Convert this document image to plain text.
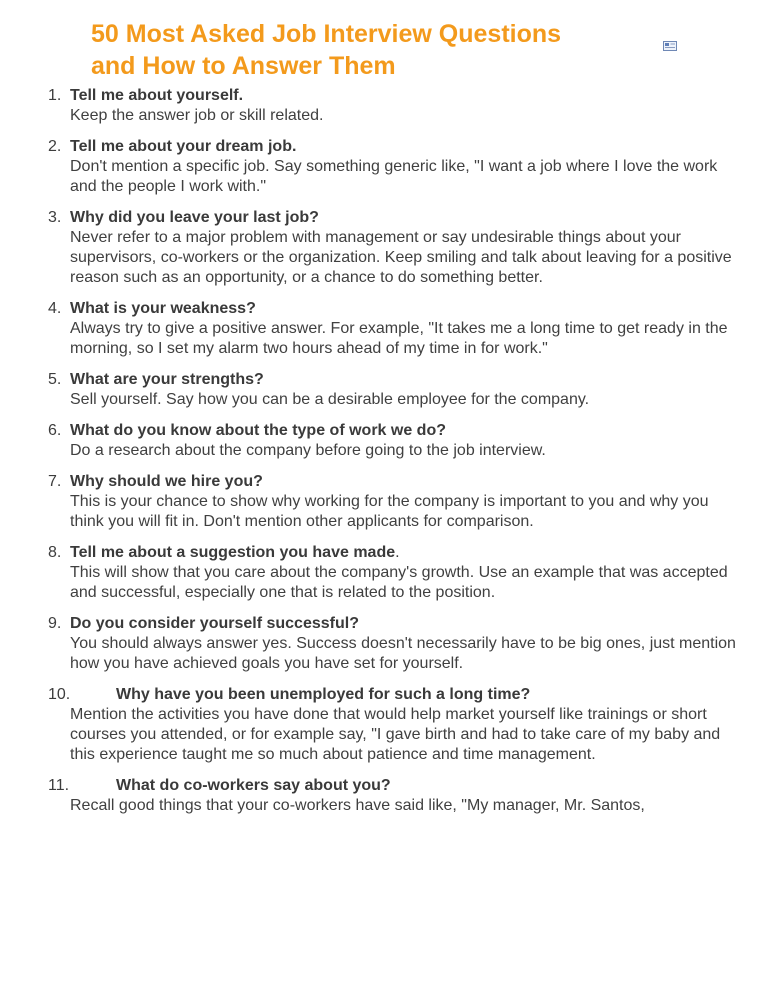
50 Most Asked Job Interview Questions
and How to Answer Them
1. Tell me about yourself.
Keep the answer job or skill related.
2. Tell me about your dream job.
Don't mention a specific job. Say something generic like, "I want a job where I love the work and the people I work with."
3. Why did you leave your last job?
Never refer to a major problem with management or say undesirable things about your supervisors, co-workers or the organization. Keep smiling and talk about leaving for a positive reason such as an opportunity, or a chance to do something better.
4. What is your weakness?
Always try to give a positive answer. For example, "It takes me a long time to get ready in the morning, so I set my alarm two hours ahead of my time in for work."
5. What are your strengths?
Sell yourself. Say how you can be a desirable employee for the company.
6. What do you know about the type of work we do?
Do a research about the company before going to the job interview.
7. Why should we hire you?
This is your chance to show why working for the company is important to you and why you think you will fit in. Don't mention other applicants for comparison.
8. Tell me about a suggestion you have made.
This will show that you care about the company's growth. Use an example that was accepted and successful, especially one that is related to the position.
9. Do you consider yourself successful?
You should always answer yes. Success doesn't necessarily have to be big ones, just mention how you have achieved goals you have set for yourself.
10.	Why have you been unemployed for such a long time?
Mention the activities you have done that would help market yourself like trainings or short courses you attended, or for example say, "I gave birth and had to take care of my baby and this experience taught me so much about patience and time management.
11.	What do co-workers say about you?
Recall good things that your co-workers have said like, "My manager, Mr. Santos,
